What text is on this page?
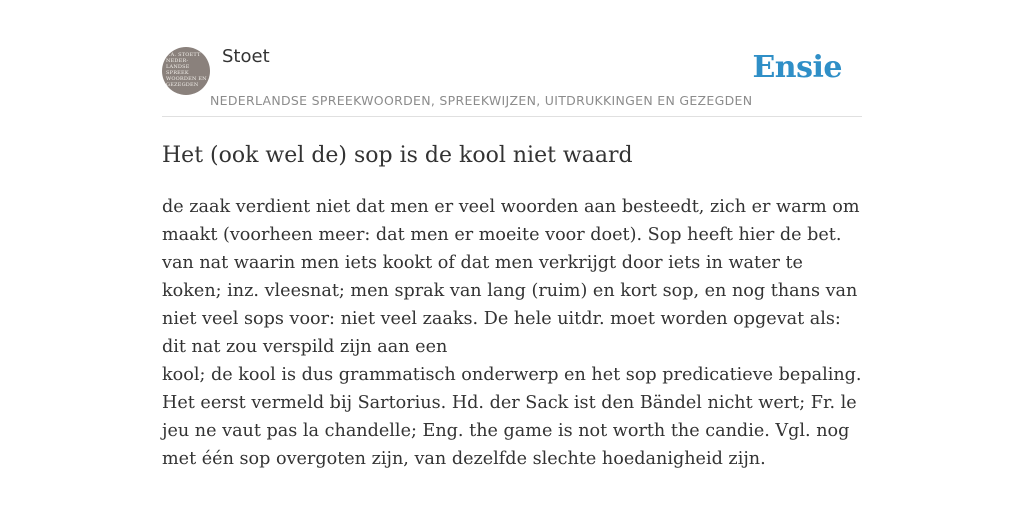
F.A. STOETT
NEDER-
LANDSE
SPREEK
WOORDEN EN
GEZEGDEN
Stoet	Ensie
NEDERLANDSE SPREEKWOORDEN, SPREEKWIJZEN, UITDRUKKINGEN EN GEZEGDEN
Het (ook wel de) sop is de kool niet waard

de zaak verdient niet dat men er veel woorden aan besteedt, zich er warm om maakt (voorheen meer: dat men er moeite voor doet). Sop heeft hier de bet. van nat waarin men iets kookt of dat men verkrijgt door iets in water te koken; inz. vleesnat; men sprak van lang (ruim) en kort sop, en nog thans van niet veel sops voor: niet veel zaaks. De hele uitdr. moet worden opgevat als: dit nat zou verspild zijn aan een

kool; de kool is dus grammatisch onderwerp en het sop predicatieve bepaling. Het eerst vermeld bij Sartorius. Hd. der Sack ist den Bändel nicht wert; Fr. le jeu ne vaut pas la chandelle; Eng. the game is not worth the candie. Vgl. nog met één sop overgoten zijn, van dezelfde slechte hoedanigheid zijn.
